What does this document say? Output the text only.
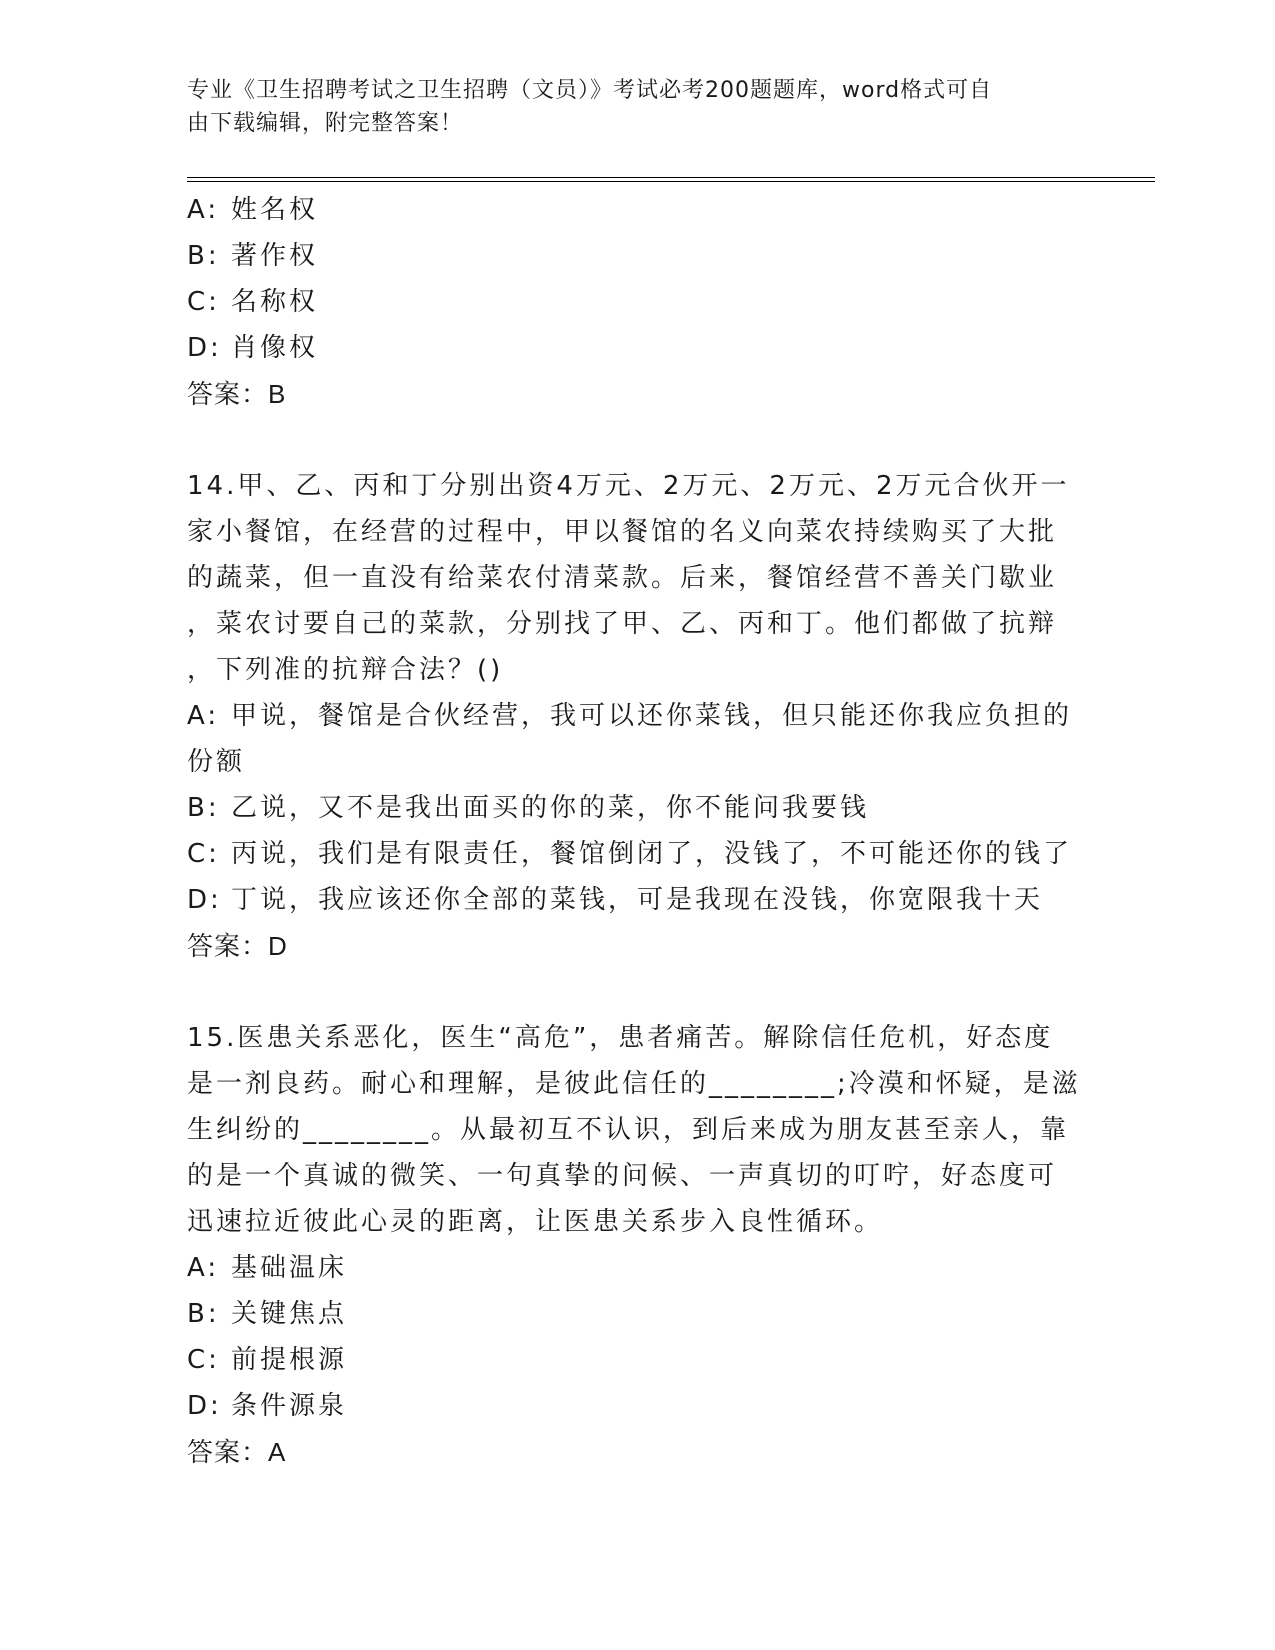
专业《卫生招聘考试之卫生招聘（文员）》考试必考200题题库，word格式可自
由下载编辑，附完整答案！
A: 姓名权
B: 著作权
C: 名称权
D: 肖像权
答案：B
14.甲、乙、丙和丁分别出资4万元、2万元、2万元、2万元合伙开一
家小餐馆，在经营的过程中，甲以餐馆的名义向菜农持续购买了大批
的蔬菜，但一直没有给菜农付清菜款。后来，餐馆经营不善关门歇业
，菜农讨要自己的菜款，分别找了甲、乙、丙和丁。他们都做了抗辩
，下列准的抗辩合法？()
A: 甲说，餐馆是合伙经营，我可以还你菜钱，但只能还你我应负担的
份额
B: 乙说，又不是我出面买的你的菜，你不能问我要钱
C: 丙说，我们是有限责任，餐馆倒闭了，没钱了，不可能还你的钱了
D: 丁说，我应该还你全部的菜钱，可是我现在没钱，你宽限我十天
答案：D
15.医患关系恶化，医生“高危”，患者痛苦。解除信任危机，好态度
是一剂良药。耐心和理解，是彼此信任的________;冷漠和怀疑，是滋
生纠纷的________。从最初互不认识，到后来成为朋友甚至亲人，靠
的是一个真诚的微笑、一句真挚的问候、一声真切的叮咛，好态度可
迅速拉近彼此心灵的距离，让医患关系步入良性循环。
A: 基础温床
B: 关键焦点
C: 前提根源
D: 条件源泉
答案：A
